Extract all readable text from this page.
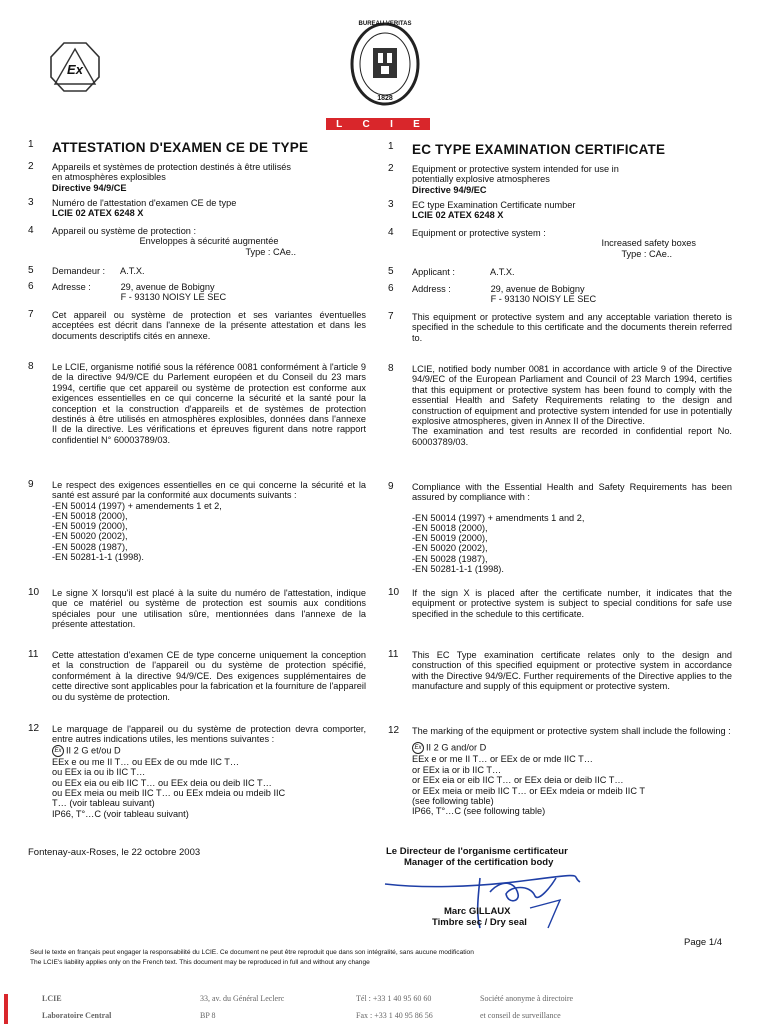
Ex
BUREAU VERITAS
1828
L C I E
1	ATTESTATION D'EXAMEN CE DE TYPE

2	Appareils et systèmes de protection destinés à être utilisés

en atmosphères explosibles

Directive 94/9/CE

3	Numéro de l'attestation d'examen CE de type

LCIE 02 ATEX 6248 X

4	Appareil ou système de protection :

Enveloppes à sécurité augmentée

Type : CAe..

5	Demandeur : A.T.X.
6	Adresse :	29, avenue de Bobigny
F - 93130 NOISY LE SEC
7	Cet appareil ou système de protection et ses variantes éventuelles acceptées est décrit dans l'annexe de la présente attestation et dans les documents descriptifs cités en annexe.

8	Le LCIE, organisme notifié sous la référence 0081 conformément à l'article 9 de la directive 94/9/CE du Parlement européen et du Conseil du 23 mars 1994, certifie que cet appareil ou système de protection est conforme aux exigences essentielles en ce qui concerne la sécurité et la santé pour la conception et la construction d'appareils et de systèmes de protection destinés à être utilisés en atmosphères explosibles, données dans l'annexe II de la directive. Les vérifications et épreuves figurent dans notre rapport confidentiel N° 60003789/03.

9	Le respect des exigences essentielles en ce qui concerne la sécurité et la santé est assuré par la conformité aux documents suivants :

-EN 50014 (1997) + amendements 1 et 2,
-EN 50018 (2000),
-EN 50019 (2000),
-EN 50020 (2002),
-EN 50028 (1987),
-EN 50281-1-1 (1998).
10	Le signe X lorsqu'il est placé à la suite du numéro de l'attestation, indique que ce matériel ou système de protection est soumis aux conditions spéciales pour une utilisation sûre, mentionnées dans l'annexe de la présente attestation.

11	Cette attestation d'examen CE de type concerne uniquement la conception et la construction de l'appareil ou du système de protection spécifié, conformément à la directive 94/9/CE. Des exigences supplémentaires de cette directive sont applicables pour la fabrication et la fourniture de l'appareil ou du système de protection.

12	Le marquage de l'appareil ou du système de protection devra comporter, entre autres indications utiles, les mentions suivantes :

Ex II 2 G et/ou D

EEx e ou me II T… ou EEx de ou mde IIC T…

ou EEx ia ou ib IIC T…

ou EEx eia ou eib IIC T… ou EEx deia ou deib IIC T…

ou EEx meia ou meib IIC T… ou EEx mdeia ou mdeib IIC

T… (voir tableau suivant)

IP66, T°…C (voir tableau suivant)

Fontenay-aux-Roses, le 22 octobre 2003
1	EC TYPE EXAMINATION CERTIFICATE

2	Equipment or protective system intended for use in

potentially explosive atmospheres

Directive 94/9/EC

3	EC type Examination Certificate number

LCIE 02 ATEX 6248 X

4	Equipment or protective system :

Increased safety boxes

Type : CAe..

5	Applicant :	A.T.X.
6	Address :	29, avenue de Bobigny
F - 93130 NOISY LE SEC
7	This equipment or protective system and any acceptable variation thereto is specified in the schedule to this certificate and the documents therein referred to.

8	LCIE, notified body number 0081 in accordance with article 9 of the Directive 94/9/EC of the European Parliament and Council of 23 March 1994, certifies that this equipment or protective system has been found to comply with the essential Health and Safety Requirements relating to the design and construction of equipment and protective system intended for use in potentially explosive atmospheres, given in Annex II of the Directive.

The examination and test results are recorded in confidential report No. 60003789/03.

9	Compliance with the Essential Health and Safety Requirements has been assured by compliance with :

-EN 50014 (1997) + amendments 1 and 2,
-EN 50018 (2000),
-EN 50019 (2000),
-EN 50020 (2002),
-EN 50028 (1987),
-EN 50281-1-1 (1998).
10	If the sign X is placed after the certificate number, it indicates that the equipment or protective system is subject to special conditions for safe use specified in the schedule to this certificate.

11	This EC Type examination certificate relates only to the design and construction of this specified equipment or protective system in accordance with the Directive 94/9/EC. Further requirements of the Directive applies to the manufacture and supply of this equipment or protective system.

12	The marking of the equipment or protective system shall include the following :

Ex II 2 G and/or D

EEx e or me II T… or EEx de or mde IIC T…

or EEx ia or ib IIC T…

or EEx eia or eib IIC T… or EEx deia or deib IIC T…

or EEx meia or meib IIC T… or EEx mdeia or mdeib IIC T

(see following table)

IP66, T°…C (see following table)

Le Directeur de l'organisme certificateur
Manager of the certification body
Marc GILLAUX
Timbre sec / Dry seal
Page 1/4
Seul le texte en français peut engager la responsabilité du LCIE. Ce document ne peut être reproduit que dans son intégralité, sans aucune modification
The LCIE's liability applies only on the French text. This document may be reproduced in full and without any change
LCIE
Laboratoire Central
33, av. du Général Leclerc
BP 8
Tél : +33 1 40 95 60 60
Fax : +33 1 40 95 86 56
Société anonyme à directoire
et conseil de surveillance
